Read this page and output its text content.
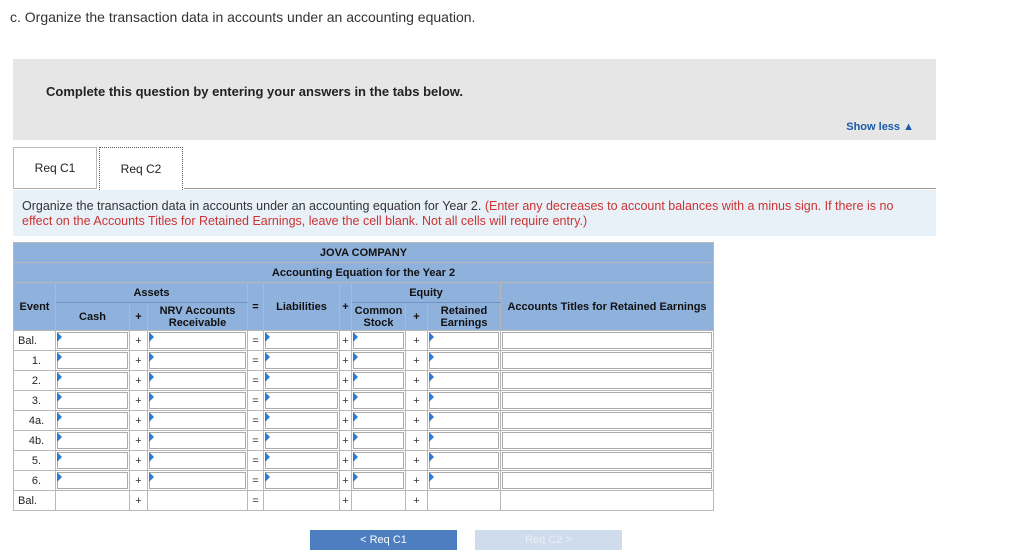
c. Organize the transaction data in accounts under an accounting equation.
Complete this question by entering your answers in the tabs below.
Show less ▲
Req C1	Req C2
Organize the transaction data in accounts under an accounting equation for Year 2. (Enter any decreases to account balances with a minus sign. If there is no effect on the Accounts Titles for Retained Earnings, leave the cell blank. Not all cells will require entry.)
JOVA COMPANY										
Accounting Equation for the Year 2										
Event	Assets			=	Liabilities	+	Equity			Accounts Titles for Retained Earnings
	Cash	+	NRV Accounts Receivable				Common Stock	+	Retained Earnings	
Bal.		+		=		+		+	

1.		+		=		+		+	

2.		+		=		+		+	

3.		+		=		+		+	

4a.		+		=		+		+	

4b.		+		=		+		+	

5.		+		=		+		+	

6.		+		=		+		+	

Bal.		+		=		+		+		
< Req C1	Req C2 >
